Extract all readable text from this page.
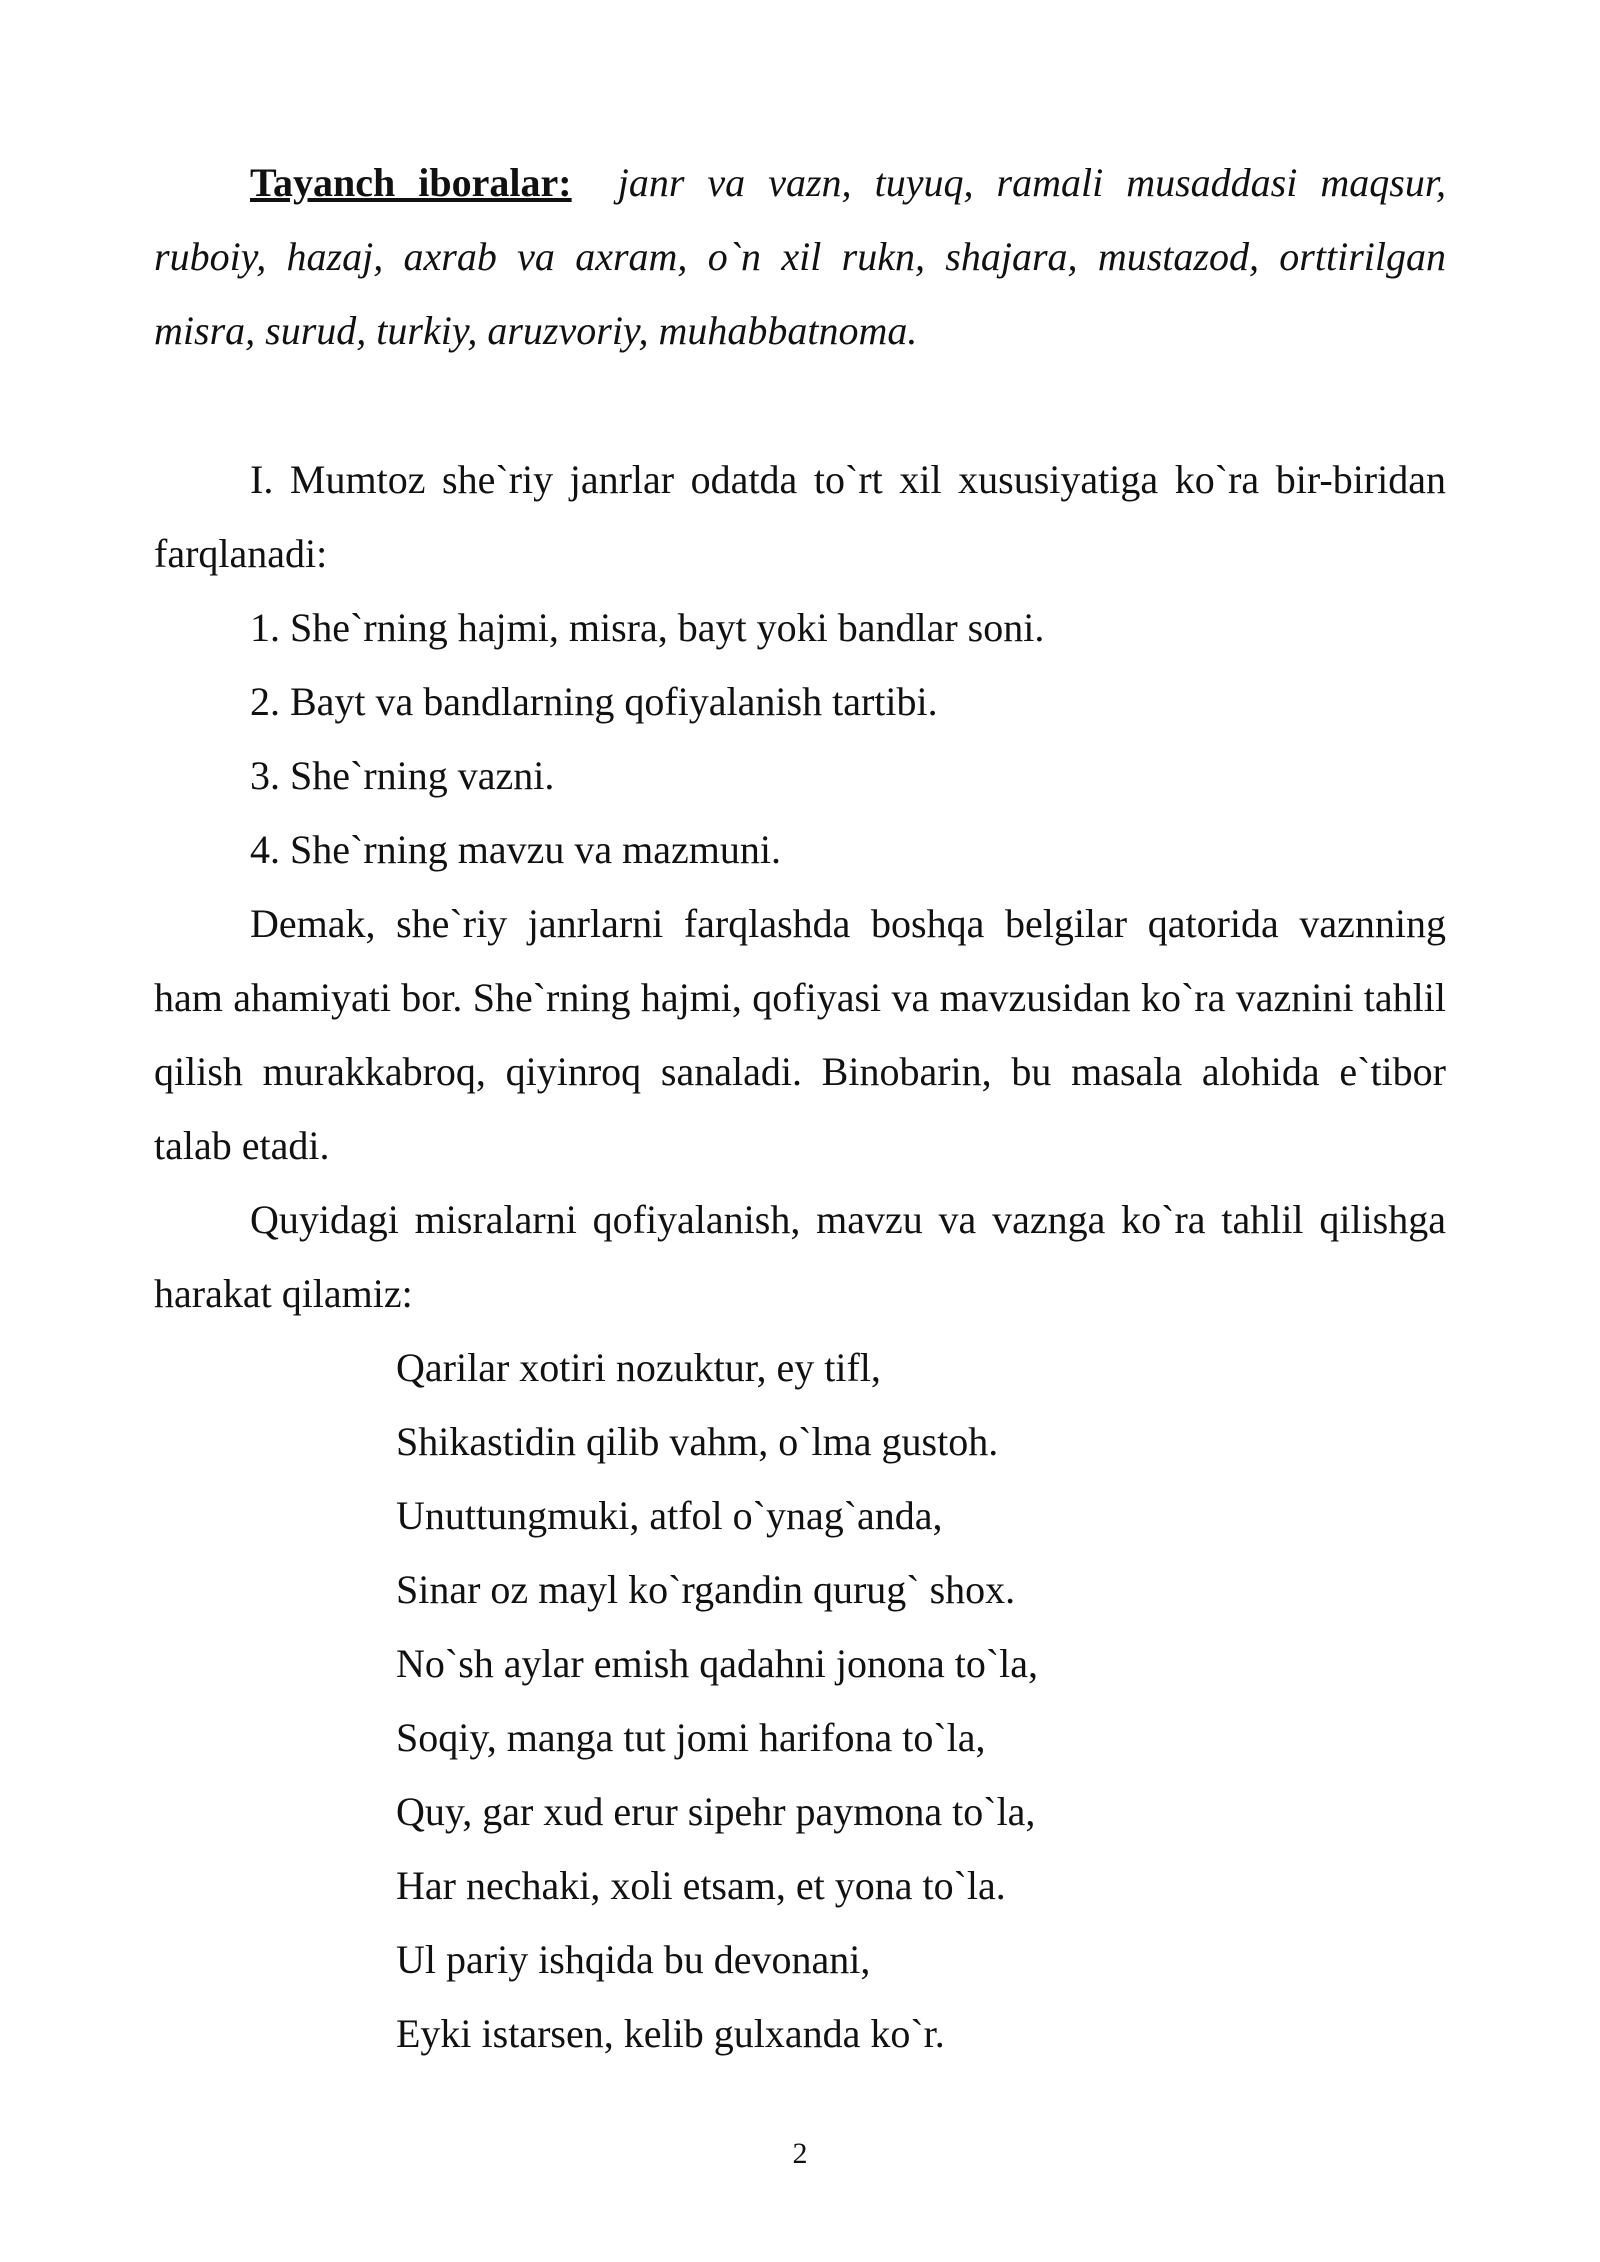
Tayanch iboralar: janr va vazn, tuyuq, ramali musaddasi maqsur, ruboiy, hazaj, axrab va axram, o`n xil rukn, shajara, mustazod, orttirilgan misra, surud, turkiy, aruzvoriy, muhabbatnoma.

I. Mumtoz she`riy janrlar odatda to`rt xil xususiyatiga ko`ra bir-biridan farqlanadi:

1. She`rning hajmi, misra, bayt yoki bandlar soni.
2. Bayt va bandlarning qofiyalanish tartibi.
3. She`rning vazni.
4. She`rning mavzu va mazmuni.

Demak, she`riy janrlarni farqlashda boshqa belgilar qatorida vaznning ham ahamiyati bor. She`rning hajmi, qofiyasi va mavzusidan ko`ra vaznini tahlil qilish murakkabroq, qiyinroq sanaladi. Binobarin, bu masala alohida e`tibor talab etadi.

Quyidagi misralarni qofiyalanish, mavzu va vaznga ko`ra tahlil qilishga harakat qilamiz:

Qarilar xotiri nozuktur, ey tifl,
Shikastidin qilib vahm, o`lma gustoh.
Unuttungmuki, atfol o`ynag`anda,
Sinar oz mayl ko`rgandin qurug` shox.
No`sh aylar emish qadahni jonona to`la,
Soqiy, manga tut jomi harifona to`la,
Quy, gar xud erur sipehr paymona to`la,
Har nechaki, xoli etsam, et yona to`la.
Ul pariy ishqida bu devonani,
Eyki istarsen, kelib gulxanda ko`r.
2
